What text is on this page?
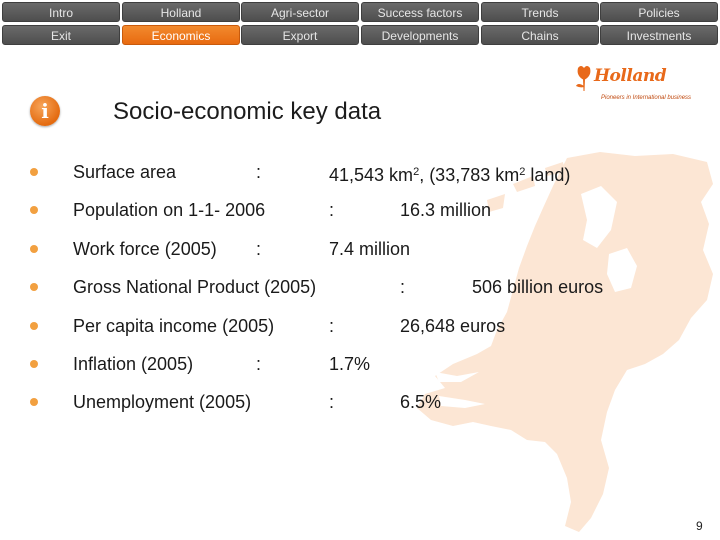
Intro	Holland	Agri-sector	Success factors	Trends	Policies
Exit	Economics	Export	Developments	Chains	Investments
i	Socio-economic key data
Holland
Pioneers in International business
Surface area	:	41,543 $km^2$, (33,783 $km^2$ land)
Population on 1-1- 2006	:	16.3 million
Work force (2005) :	7.4 million
Gross National Product (2005)	:	506 billion euros
Per capita income (2005)	:	26,648 euros
Inflation (2005)	:	1.7%
Unemployment (2005)	:	6.5%
9
